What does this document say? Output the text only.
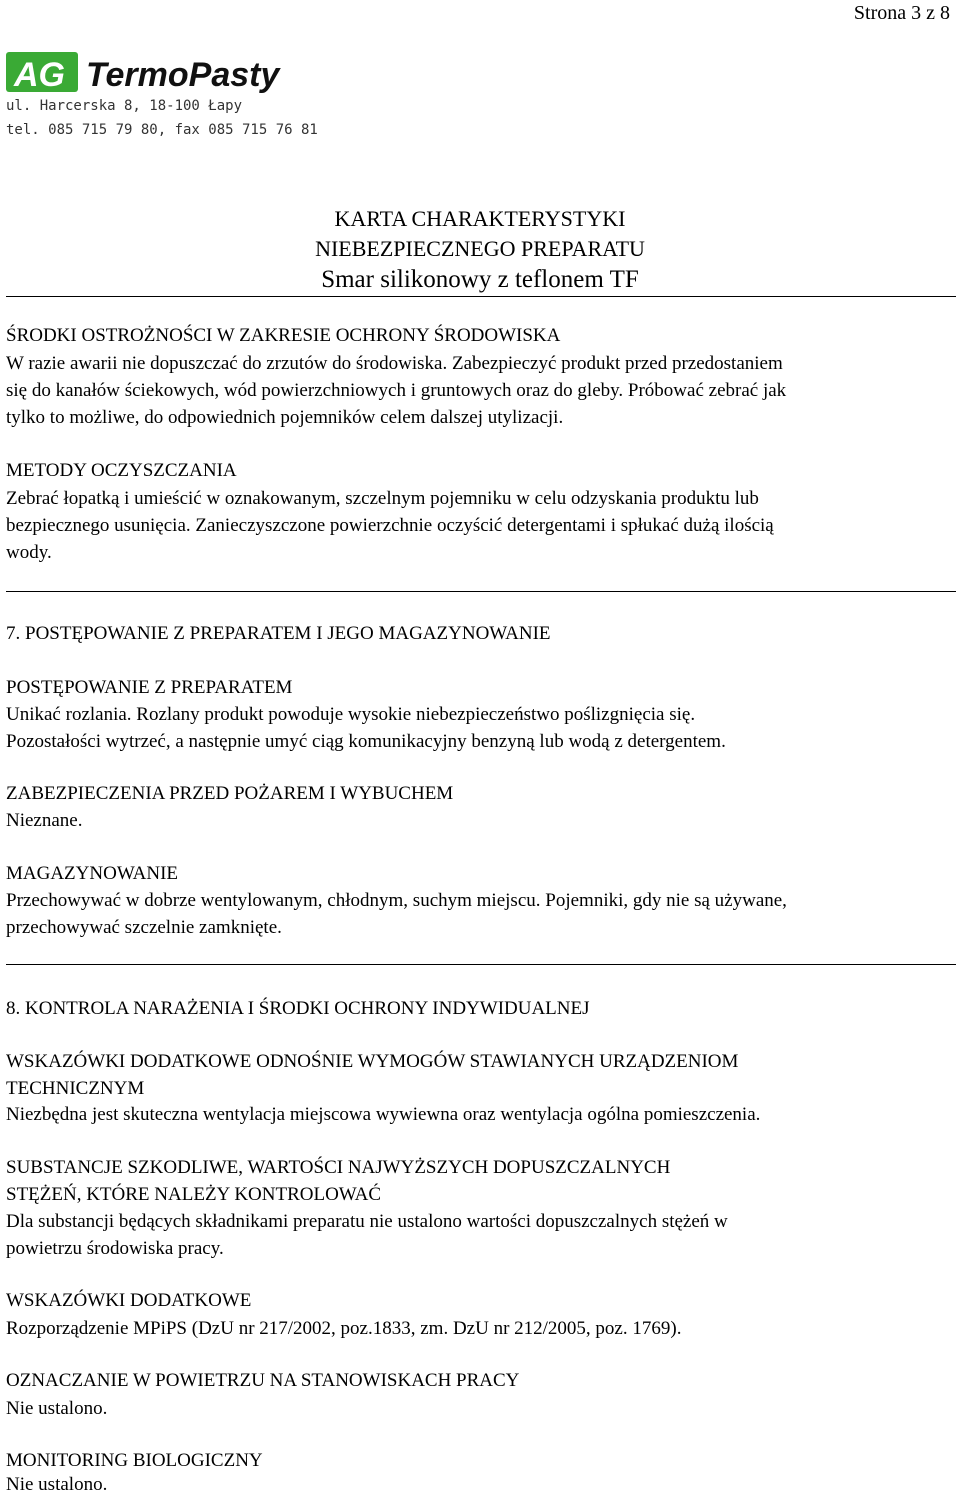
Strona 3 z 8
AG TermoPasty
ul. Harcerska 8, 18-100 Łapy
tel. 085 715 79 80, fax 085 715 76 81
KARTA CHARAKTERYSTYKI
NIEBEZPIECZNEGO PREPARATU
Smar silikonowy z teflonem TF
ŚRODKI OSTROŻNOŚCI W ZAKRESIE OCHRONY ŚRODOWISKA
W razie awarii nie dopuszczać do zrzutów do środowiska. Zabezpieczyć produkt przed przedostaniem
się do kanałów ściekowych, wód powierzchniowych i gruntowych oraz do gleby. Próbować zebrać jak
tylko to możliwe, do odpowiednich pojemników celem dalszej utylizacji.
METODY OCZYSZCZANIA
Zebrać łopatką i umieścić w oznakowanym, szczelnym pojemniku w celu odzyskania produktu lub
bezpiecznego usunięcia. Zanieczyszczone powierzchnie oczyścić detergentami i spłukać dużą ilością
wody.
7. POSTĘPOWANIE Z PREPARATEM I JEGO MAGAZYNOWANIE
POSTĘPOWANIE Z PREPARATEM
Unikać rozlania. Rozlany produkt powoduje wysokie niebezpieczeństwo poślizgnięcia się.
Pozostałości wytrzeć, a następnie umyć ciąg komunikacyjny benzyną lub wodą z detergentem.
ZABEZPIECZENIA PRZED POŻAREM I WYBUCHEM
Nieznane.
MAGAZYNOWANIE
Przechowywać w dobrze wentylowanym, chłodnym, suchym miejscu. Pojemniki, gdy nie są używane,
przechowywać szczelnie zamknięte.
8. KONTROLA NARAŻENIA I ŚRODKI OCHRONY INDYWIDUALNEJ
WSKAZÓWKI DODATKOWE ODNOŚNIE WYMOGÓW STAWIANYCH URZĄDZENIOM
TECHNICZNYM
Niezbędna jest skuteczna wentylacja miejscowa wywiewna oraz wentylacja ogólna pomieszczenia.
SUBSTANCJE SZKODLIWE, WARTOŚCI NAJWYŻSZYCH DOPUSZCZALNYCH
STĘŻEŃ, KTÓRE NALEŻY KONTROLOWAĆ
Dla substancji będących składnikami preparatu nie ustalono wartości dopuszczalnych stężeń w
powietrzu środowiska pracy.
WSKAZÓWKI DODATKOWE
Rozporządzenie MPiPS (DzU nr 217/2002, poz.1833, zm. DzU nr 212/2005, poz. 1769).
OZNACZANIE W POWIETRZU NA STANOWISKACH PRACY
Nie ustalono.
MONITORING BIOLOGICZNY
Nie ustalono.
